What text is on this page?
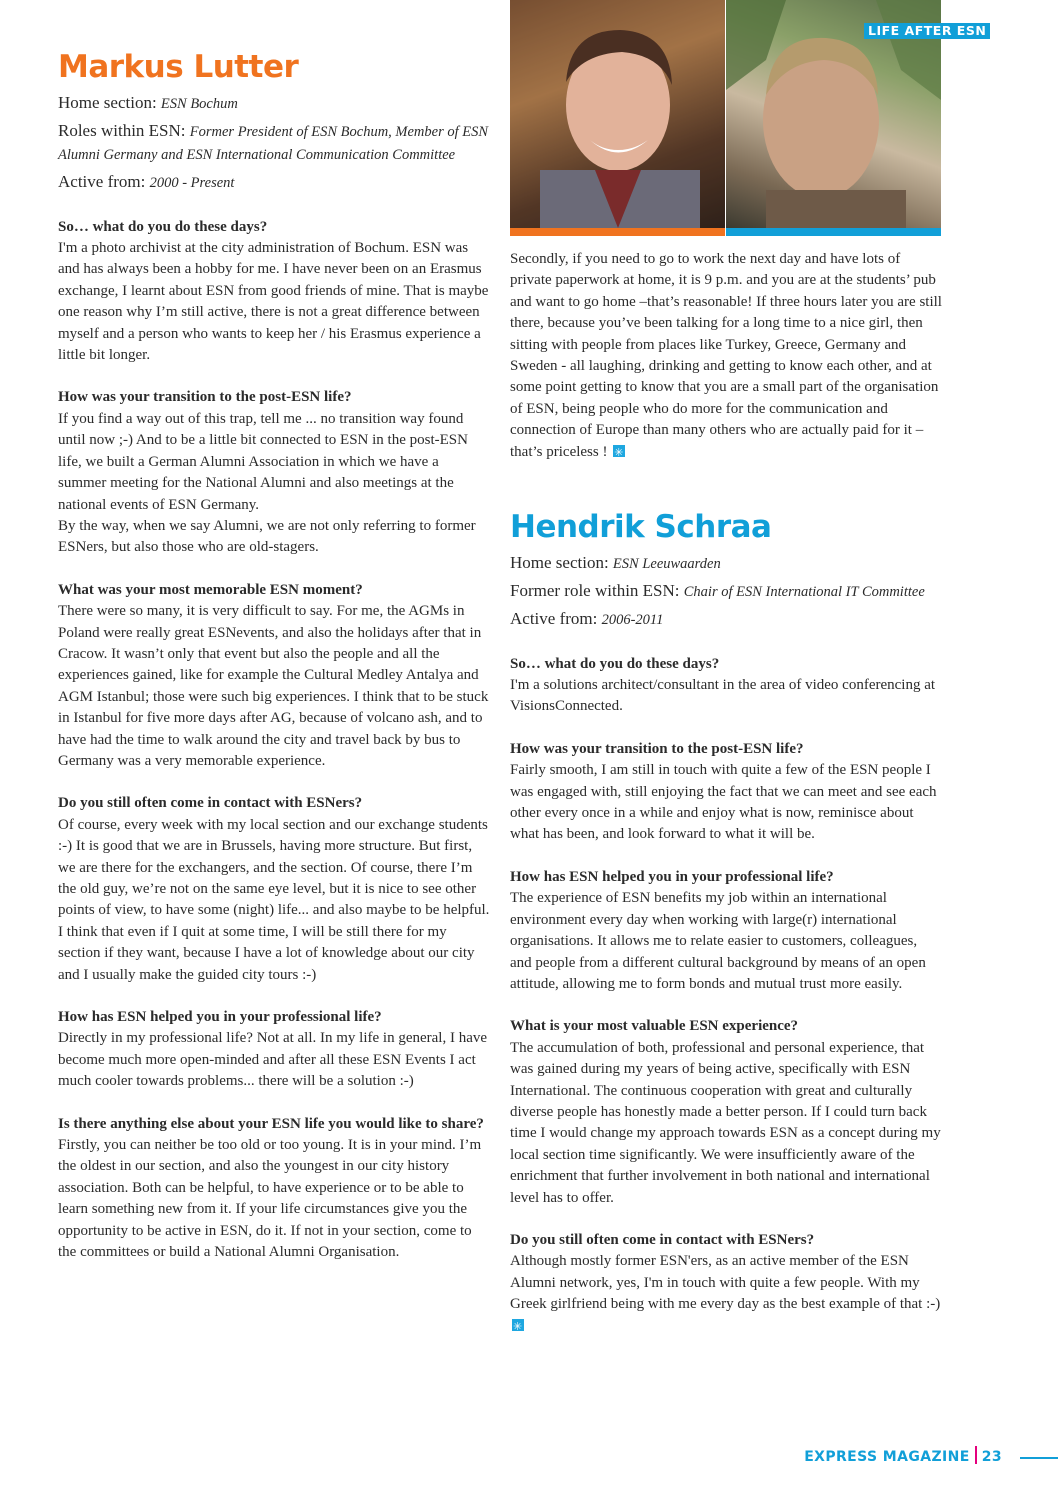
LIFE AFTER ESN
Markus Lutter

Home section: ESN Bochum

Roles within ESN: Former President of ESN Bochum, Member of ESN Alumni Germany and ESN International Communication Committee

Active from: 2000 - Present

So… what do you do these days?

I'm a photo archivist at the city administration of Bochum. ESN was and has always been a hobby for me. I have never been on an Erasmus exchange, I learnt about ESN from good friends of mine. That is maybe one reason why I’m still active, there is not a great difference between myself and a person who wants to keep her / his Erasmus experience a little bit longer.

How was your transition to the post-ESN life?

If you find a way out of this trap, tell me ... no transition way found until now ;-) And to be a little bit connected to ESN in the post-ESN life, we built a German Alumni Association in which we have a summer meeting for the National Alumni and also meetings at the national events of ESN Germany.

By the way, when we say Alumni, we are not only referring to former ESNers, but also those who are old-stagers.

What was your most memorable ESN moment?

There were so many, it is very difficult to say. For me, the AGMs in Poland were really great ESNevents, and also the holidays after that in Cracow. It wasn’t only that event but also the people and all the experiences gained, like for example the Cultural Medley Antalya and AGM Istanbul; those were such big experiences. I think that to be stuck in Istanbul for five more days after AG, because of volcano ash, and to have had the time to walk around the city and travel back by bus to Germany was a very memorable experience.

Do you still often come in contact with ESNers?

Of course, every week with my local section and our exchange students :-) It is good that we are in Brussels, having more structure. But first, we are there for the exchangers, and the section. Of course, there I’m the old guy, we’re not on the same eye level, but it is nice to see other points of view, to have some (night) life... and also maybe to be helpful. I think that even if I quit at some time, I will be still there for my section if they want, because I have a lot of knowledge about our city and I usually make the guided city tours :-)

How has ESN helped you in your professional life?

Directly in my professional life? Not at all. In my life in general, I have become much more open-minded and after all these ESN Events I act much cooler towards problems... there will be a solution :-)

Is there anything else about your ESN life you would like to share?

Firstly, you can neither be too old or too young. It is in your mind. I’m the oldest in our section, and also the youngest in our city history association. Both can be helpful, to have experience or to be able to learn something new from it. If your life circumstances give you the opportunity to be active in ESN, do it. If not in your section, come to the committees or build a National Alumni Organisation.

Secondly, if you need to go to work the next day and have lots of private paperwork at home, it is 9 p.m. and you are at the students’ pub and want to go home –that’s reasonable! If three hours later you are still there, because you’ve been talking for a long time to a nice girl, then sitting with people from places like Turkey, Greece, Germany and Sweden - all laughing, drinking and getting to know each other, and at some point getting to know that you are a small part of the organisation of ESN, being people who do more for the communication and connection of Europe than many others who are actually paid for it – that’s priceless ! ✳

Hendrik Schraa

Home section: ESN Leeuwaarden

Former role within ESN: Chair of ESN International IT Committee

Active from: 2006-2011

So… what do you do these days?

I'm a solutions architect/consultant in the area of video conferencing at VisionsConnected.

How was your transition to the post-ESN life?

Fairly smooth, I am still in touch with quite a few of the ESN people I was engaged with, still enjoying the fact that we can meet and see each other every once in a while and enjoy what is now, reminisce about what has been, and look forward to what it will be.

How has ESN helped you in your professional life?

The experience of ESN benefits my job within an international environment every day when working with large(r) international organisations. It allows me to relate easier to customers, colleagues, and people from a different cultural background by means of an open attitude, allowing me to form bonds and mutual trust more easily.

What is your most valuable ESN experience?

The accumulation of both, professional and personal experience, that was gained during my years of being active, specifically with ESN International. The continuous cooperation with great and culturally diverse people has honestly made a better person. If I could turn back time I would change my approach towards ESN as a concept during my local section time significantly. We were insufficiently aware of the enrichment that further involvement in both national and international level has to offer.

Do you still often come in contact with ESNers?

Although mostly former ESN'ers, as an active member of the ESN Alumni network, yes, I'm in touch with quite a few people. With my Greek girlfriend being with me every day as the best example of that :-) ✳

EXPRESS MAGAZINE 23
